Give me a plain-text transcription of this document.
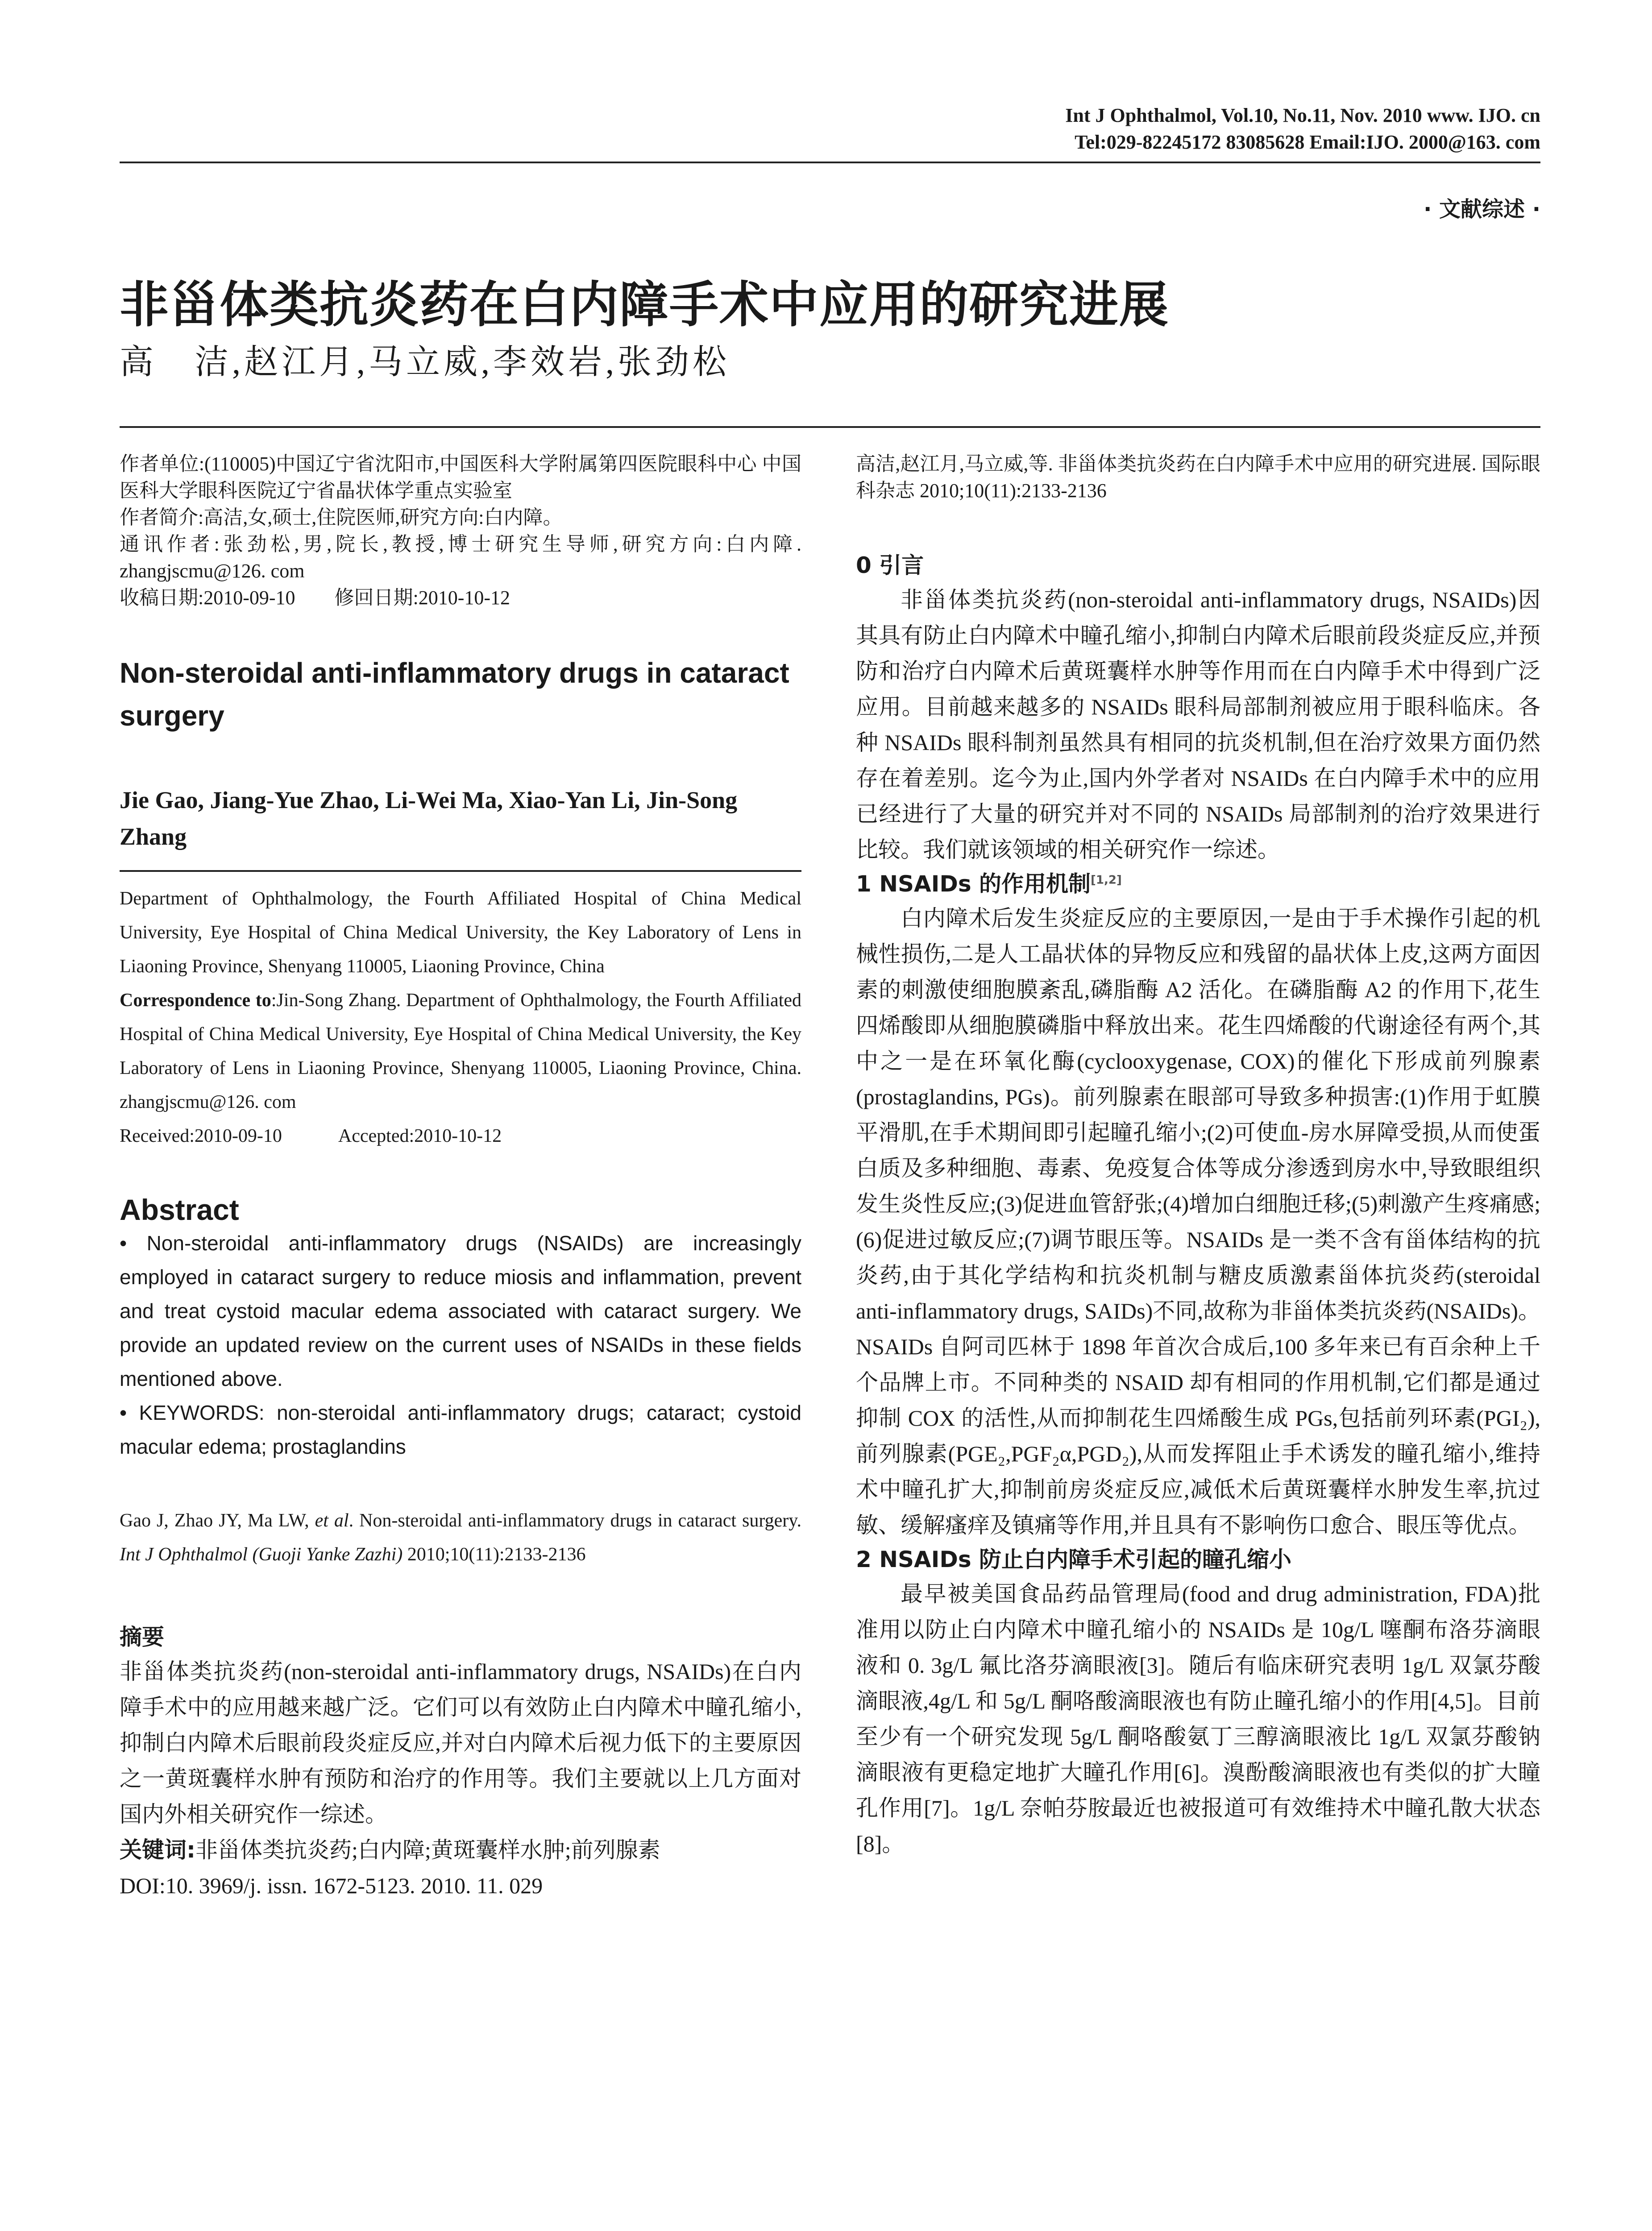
Int J Ophthalmol, Vol.10, No.11, Nov. 2010 www. IJO. cn
Tel:029-82245172 83085628 Email:IJO. 2000@163. com
· 文献综述 ·
非甾体类抗炎药在白内障手术中应用的研究进展
高　洁,赵江月,马立威,李效岩,张劲松

作者单位:(110005)中国辽宁省沈阳市,中国医科大学附属第四医院眼科中心 中国医科大学眼科医院辽宁省晶状体学重点实验室

作者简介:高洁,女,硕士,住院医师,研究方向:白内障。

通讯作者:张劲松,男,院长,教授,博士研究生导师,研究方向:白内障. zhangjscmu@126. com

收稿日期:2010-09-10　　修回日期:2010-10-12

Non-steroidal anti-inflammatory drugs in cataract surgery
Jie Gao, Jiang-Yue Zhao, Li-Wei Ma, Xiao-Yan Li, Jin-Song Zhang
Department of Ophthalmology, the Fourth Affiliated Hospital of China Medical University, Eye Hospital of China Medical University, the Key Laboratory of Lens in Liaoning Province, Shenyang 110005, Liaoning Province, China
Correspondence to:Jin-Song Zhang. Department of Ophthalmology, the Fourth Affiliated Hospital of China Medical University, Eye Hospital of China Medical University, the Key Laboratory of Lens in Liaoning Province, Shenyang 110005, Liaoning Province, China. zhangjscmu@126. com
Received:2010-09-10　　　Accepted:2010-10-12
Abstract
• Non-steroidal anti-inflammatory drugs (NSAIDs) are increasingly employed in cataract surgery to reduce miosis and inflammation, prevent and treat cystoid macular edema associated with cataract surgery. We provide an updated review on the current uses of NSAIDs in these fields mentioned above.
• KEYWORDS: non-steroidal anti-inflammatory drugs; cataract; cystoid macular edema; prostaglandins
Gao J, Zhao JY, Ma LW, et al. Non-steroidal anti-inflammatory drugs in cataract surgery. Int J Ophthalmol (Guoji Yanke Zazhi) 2010;10(11):2133-2136
摘要
非甾体类抗炎药(non-steroidal anti-inflammatory drugs, NSAIDs)在白内障手术中的应用越来越广泛。它们可以有效防止白内障术中瞳孔缩小,抑制白内障术后眼前段炎症反应,并对白内障术后视力低下的主要原因之一黄斑囊样水肿有预防和治疗的作用等。我们主要就以上几方面对国内外相关研究作一综述。
关键词:非甾体类抗炎药;白内障;黄斑囊样水肿;前列腺素
DOI:10. 3969/j. issn. 1672-5123. 2010. 11. 029
高洁,赵江月,马立威,等. 非甾体类抗炎药在白内障手术中应用的研究进展. 国际眼科杂志 2010;10(11):2133-2136
0 引言
非甾体类抗炎药(non-steroidal anti-inflammatory drugs, NSAIDs)因其具有防止白内障术中瞳孔缩小,抑制白内障术后眼前段炎症反应,并预防和治疗白内障术后黄斑囊样水肿等作用而在白内障手术中得到广泛应用。目前越来越多的 NSAIDs 眼科局部制剂被应用于眼科临床。各种 NSAIDs 眼科制剂虽然具有相同的抗炎机制,但在治疗效果方面仍然存在着差别。迄今为止,国内外学者对 NSAIDs 在白内障手术中的应用已经进行了大量的研究并对不同的 NSAIDs 局部制剂的治疗效果进行比较。我们就该领域的相关研究作一综述。
1 NSAIDs 的作用机制[1,2]
白内障术后发生炎症反应的主要原因,一是由于手术操作引起的机械性损伤,二是人工晶状体的异物反应和残留的晶状体上皮,这两方面因素的刺激使细胞膜紊乱,磷脂酶 A2 活化。在磷脂酶 A2 的作用下,花生四烯酸即从细胞膜磷脂中释放出来。花生四烯酸的代谢途径有两个,其中之一是在环氧化酶(cyclooxygenase, COX)的催化下形成前列腺素(prostaglandins, PGs)。前列腺素在眼部可导致多种损害:(1)作用于虹膜平滑肌,在手术期间即引起瞳孔缩小;(2)可使血-房水屏障受损,从而使蛋白质及多种细胞、毒素、免疫复合体等成分渗透到房水中,导致眼组织发生炎性反应;(3)促进血管舒张;(4)增加白细胞迁移;(5)刺激产生疼痛感;(6)促进过敏反应;(7)调节眼压等。NSAIDs 是一类不含有甾体结构的抗炎药,由于其化学结构和抗炎机制与糖皮质激素甾体抗炎药(steroidal anti-inflammatory drugs, SAIDs)不同,故称为非甾体类抗炎药(NSAIDs)。NSAIDs 自阿司匹林于 1898 年首次合成后,100 多年来已有百余种上千个品牌上市。不同种类的 NSAID 却有相同的作用机制,它们都是通过抑制 COX 的活性,从而抑制花生四烯酸生成 PGs,包括前列环素(PGI₂),前列腺素(PGE₂,PGF₂α,PGD₂),从而发挥阻止手术诱发的瞳孔缩小,维持术中瞳孔扩大,抑制前房炎症反应,减低术后黄斑囊样水肿发生率,抗过敏、缓解瘙痒及镇痛等作用,并且具有不影响伤口愈合、眼压等优点。
2 NSAIDs 防止白内障手术引起的瞳孔缩小
最早被美国食品药品管理局(food and drug administration, FDA)批准用以防止白内障术中瞳孔缩小的 NSAIDs 是 10g/L 噻酮布洛芬滴眼液和 0. 3g/L 氟比洛芬滴眼液[3]。随后有临床研究表明 1g/L 双氯芬酸滴眼液,4g/L 和 5g/L 酮咯酸滴眼液也有防止瞳孔缩小的作用[4,5]。目前至少有一个研究发现 5g/L 酮咯酸氨丁三醇滴眼液比 1g/L 双氯芬酸钠滴眼液有更稳定地扩大瞳孔作用[6]。溴酚酸滴眼液也有类似的扩大瞳孔作用[7]。1g/L 奈帕芬胺最近也被报道可有效维持术中瞳孔散大状态[8]。
